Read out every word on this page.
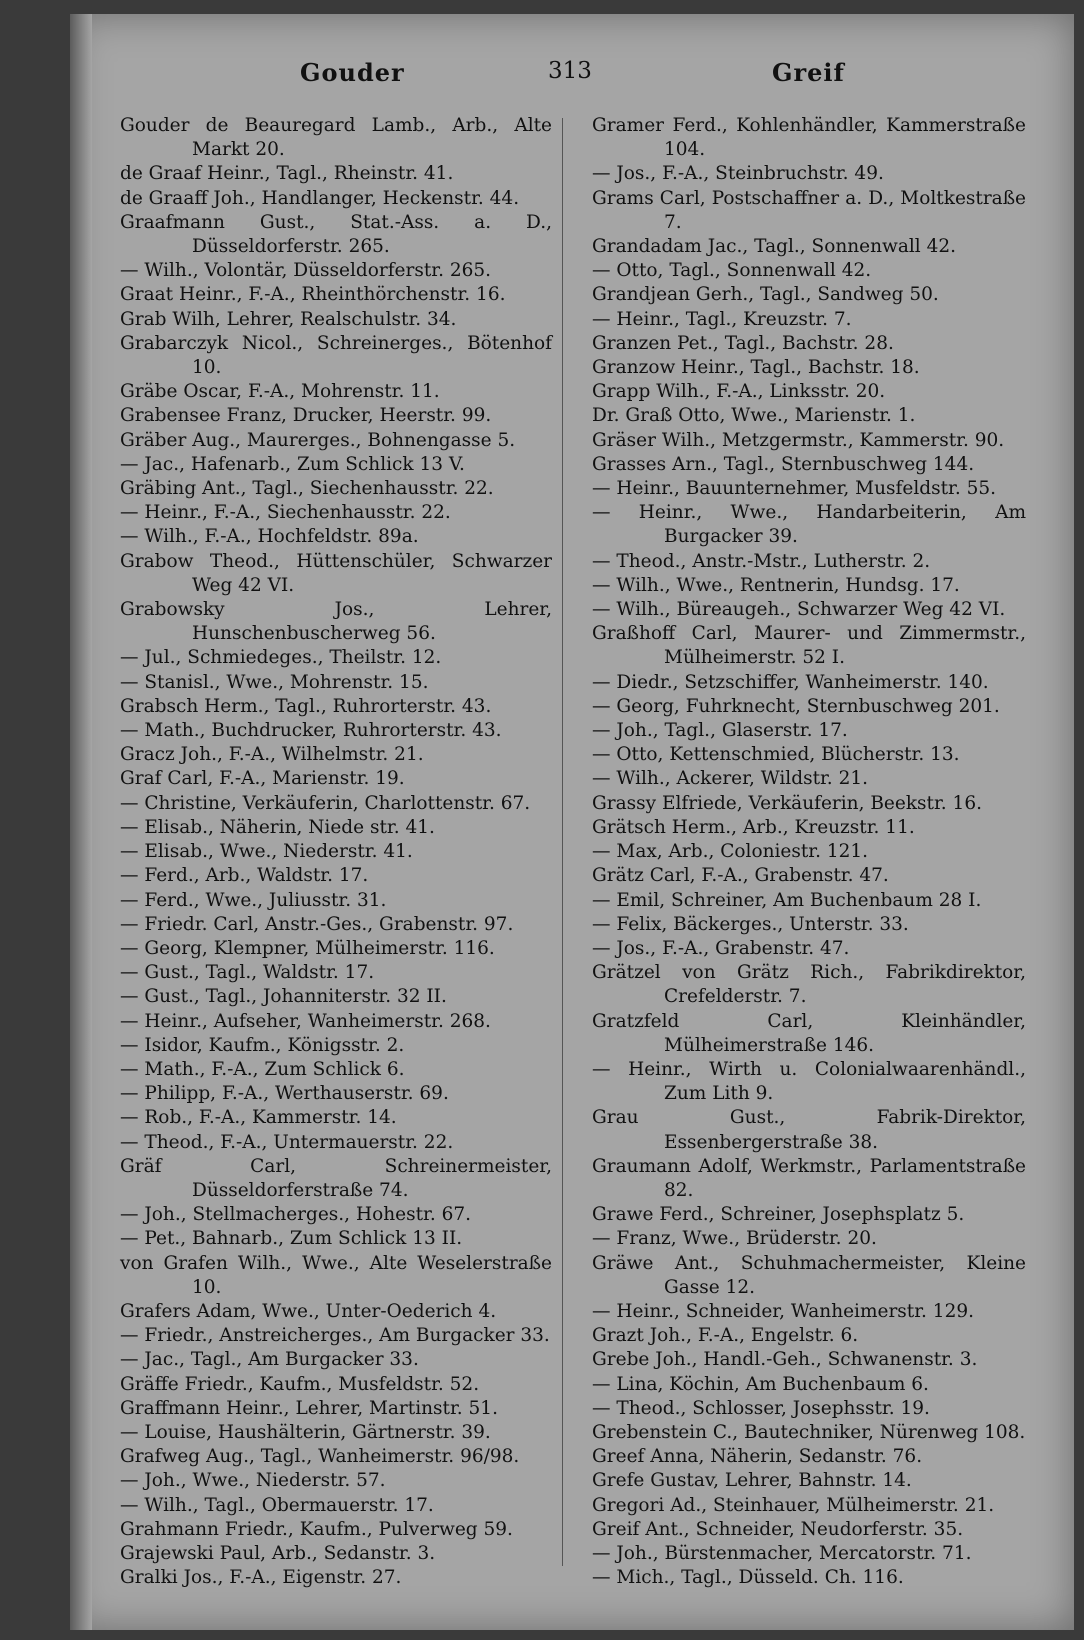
Gouder	313	Greif
Gouder de Beauregard Lamb., Arb., Alte Markt 20.
de Graaf Heinr., Tagl., Rheinstr. 41.
de Graaff Joh., Handlanger, Heckenstr. 44.
Graafmann Gust., Stat.-Ass. a. D., Düsseldorferstr. 265.
— Wilh., Volontär, Düsseldorferstr. 265.
Graat Heinr., F.-A., Rheinthörchenstr. 16.
Grab Wilh, Lehrer, Realschulstr. 34.
Grabarczyk Nicol., Schreinerges., Bötenhof 10.
Gräbe Oscar, F.-A., Mohrenstr. 11.
Grabensee Franz, Drucker, Heerstr. 99.
Gräber Aug., Maurerges., Bohnengasse 5.
— Jac., Hafenarb., Zum Schlick 13 V.
Gräbing Ant., Tagl., Siechenhausstr. 22.
— Heinr., F.-A., Siechenhausstr. 22.
— Wilh., F.-A., Hochfeldstr. 89a.
Grabow Theod., Hüttenschüler, Schwarzer Weg 42 VI.
Grabowsky Jos., Lehrer, Hunschenbuscherweg 56.
— Jul., Schmiedeges., Theilstr. 12.
— Stanisl., Wwe., Mohrenstr. 15.
Grabsch Herm., Tagl., Ruhrorterstr. 43.
— Math., Buchdrucker, Ruhrorterstr. 43.
Gracz Joh., F.-A., Wilhelmstr. 21.
Graf Carl, F.-A., Marienstr. 19.
— Christine, Verkäuferin, Charlottenstr. 67.
— Elisab., Näherin, Niede str. 41.
— Elisab., Wwe., Niederstr. 41.
— Ferd., Arb., Waldstr. 17.
— Ferd., Wwe., Juliusstr. 31.
— Friedr. Carl, Anstr.-Ges., Grabenstr. 97.
— Georg, Klempner, Mülheimerstr. 116.
— Gust., Tagl., Waldstr. 17.
— Gust., Tagl., Johanniterstr. 32 II.
— Heinr., Aufseher, Wanheimerstr. 268.
— Isidor, Kaufm., Königsstr. 2.
— Math., F.-A., Zum Schlick 6.
— Philipp, F.-A., Werthauserstr. 69.
— Rob., F.-A., Kammerstr. 14.
— Theod., F.-A., Untermauerstr. 22.
Gräf Carl, Schreinermeister, Düsseldorferstraße 74.
— Joh., Stellmacherges., Hohestr. 67.
— Pet., Bahnarb., Zum Schlick 13 II.
von Grafen Wilh., Wwe., Alte Weselerstraße 10.
Grafers Adam, Wwe., Unter-Oederich 4.
— Friedr., Anstreicherges., Am Burgacker 33.
— Jac., Tagl., Am Burgacker 33.
Gräffe Friedr., Kaufm., Musfeldstr. 52.
Graffmann Heinr., Lehrer, Martinstr. 51.
— Louise, Haushälterin, Gärtnerstr. 39.
Grafweg Aug., Tagl., Wanheimerstr. 96/98.
— Joh., Wwe., Niederstr. 57.
— Wilh., Tagl., Obermauerstr. 17.
Grahmann Friedr., Kaufm., Pulverweg 59.
Grajewski Paul, Arb., Sedanstr. 3.
Gralki Jos., F.-A., Eigenstr. 27.
Gramer Ferd., Kohlenhändler, Kammerstraße 104.
— Jos., F.-A., Steinbruchstr. 49.
Grams Carl, Postschaffner a. D., Moltkestraße 7.
Grandadam Jac., Tagl., Sonnenwall 42.
— Otto, Tagl., Sonnenwall 42.
Grandjean Gerh., Tagl., Sandweg 50.
— Heinr., Tagl., Kreuzstr. 7.
Granzen Pet., Tagl., Bachstr. 28.
Granzow Heinr., Tagl., Bachstr. 18.
Grapp Wilh., F.-A., Linksstr. 20.
Dr. Graß Otto, Wwe., Marienstr. 1.
Gräser Wilh., Metzgermstr., Kammerstr. 90.
Grasses Arn., Tagl., Sternbuschweg 144.
— Heinr., Bauunternehmer, Musfeldstr. 55.
— Heinr., Wwe., Handarbeiterin, Am Burgacker 39.
— Theod., Anstr.-Mstr., Lutherstr. 2.
— Wilh., Wwe., Rentnerin, Hundsg. 17.
— Wilh., Büreaugeh., Schwarzer Weg 42 VI.
Graßhoff Carl, Maurer- und Zimmermstr., Mülheimerstr. 52 I.
— Diedr., Setzschiffer, Wanheimerstr. 140.
— Georg, Fuhrknecht, Sternbuschweg 201.
— Joh., Tagl., Glaserstr. 17.
— Otto, Kettenschmied, Blücherstr. 13.
— Wilh., Ackerer, Wildstr. 21.
Grassy Elfriede, Verkäuferin, Beekstr. 16.
Grätsch Herm., Arb., Kreuzstr. 11.
— Max, Arb., Coloniestr. 121.
Grätz Carl, F.-A., Grabenstr. 47.
— Emil, Schreiner, Am Buchenbaum 28 I.
— Felix, Bäckerges., Unterstr. 33.
— Jos., F.-A., Grabenstr. 47.
Grätzel von Grätz Rich., Fabrikdirektor, Crefelderstr. 7.
Gratzfeld Carl, Kleinhändler, Mülheimerstraße 146.
— Heinr., Wirth u. Colonialwaarenhändl., Zum Lith 9.
Grau Gust., Fabrik-Direktor, Essenbergerstraße 38.
Graumann Adolf, Werkmstr., Parlamentstraße 82.
Grawe Ferd., Schreiner, Josephsplatz 5.
— Franz, Wwe., Brüderstr. 20.
Gräwe Ant., Schuhmachermeister, Kleine Gasse 12.
— Heinr., Schneider, Wanheimerstr. 129.
Grazt Joh., F.-A., Engelstr. 6.
Grebe Joh., Handl.-Geh., Schwanenstr. 3.
— Lina, Köchin, Am Buchenbaum 6.
— Theod., Schlosser, Josephsstr. 19.
Grebenstein C., Bautechniker, Nürenweg 108.
Greef Anna, Näherin, Sedanstr. 76.
Grefe Gustav, Lehrer, Bahnstr. 14.
Gregori Ad., Steinhauer, Mülheimerstr. 21.
Greif Ant., Schneider, Neudorferstr. 35.
— Joh., Bürstenmacher, Mercatorstr. 71.
— Mich., Tagl., Düsseld. Ch. 116.
